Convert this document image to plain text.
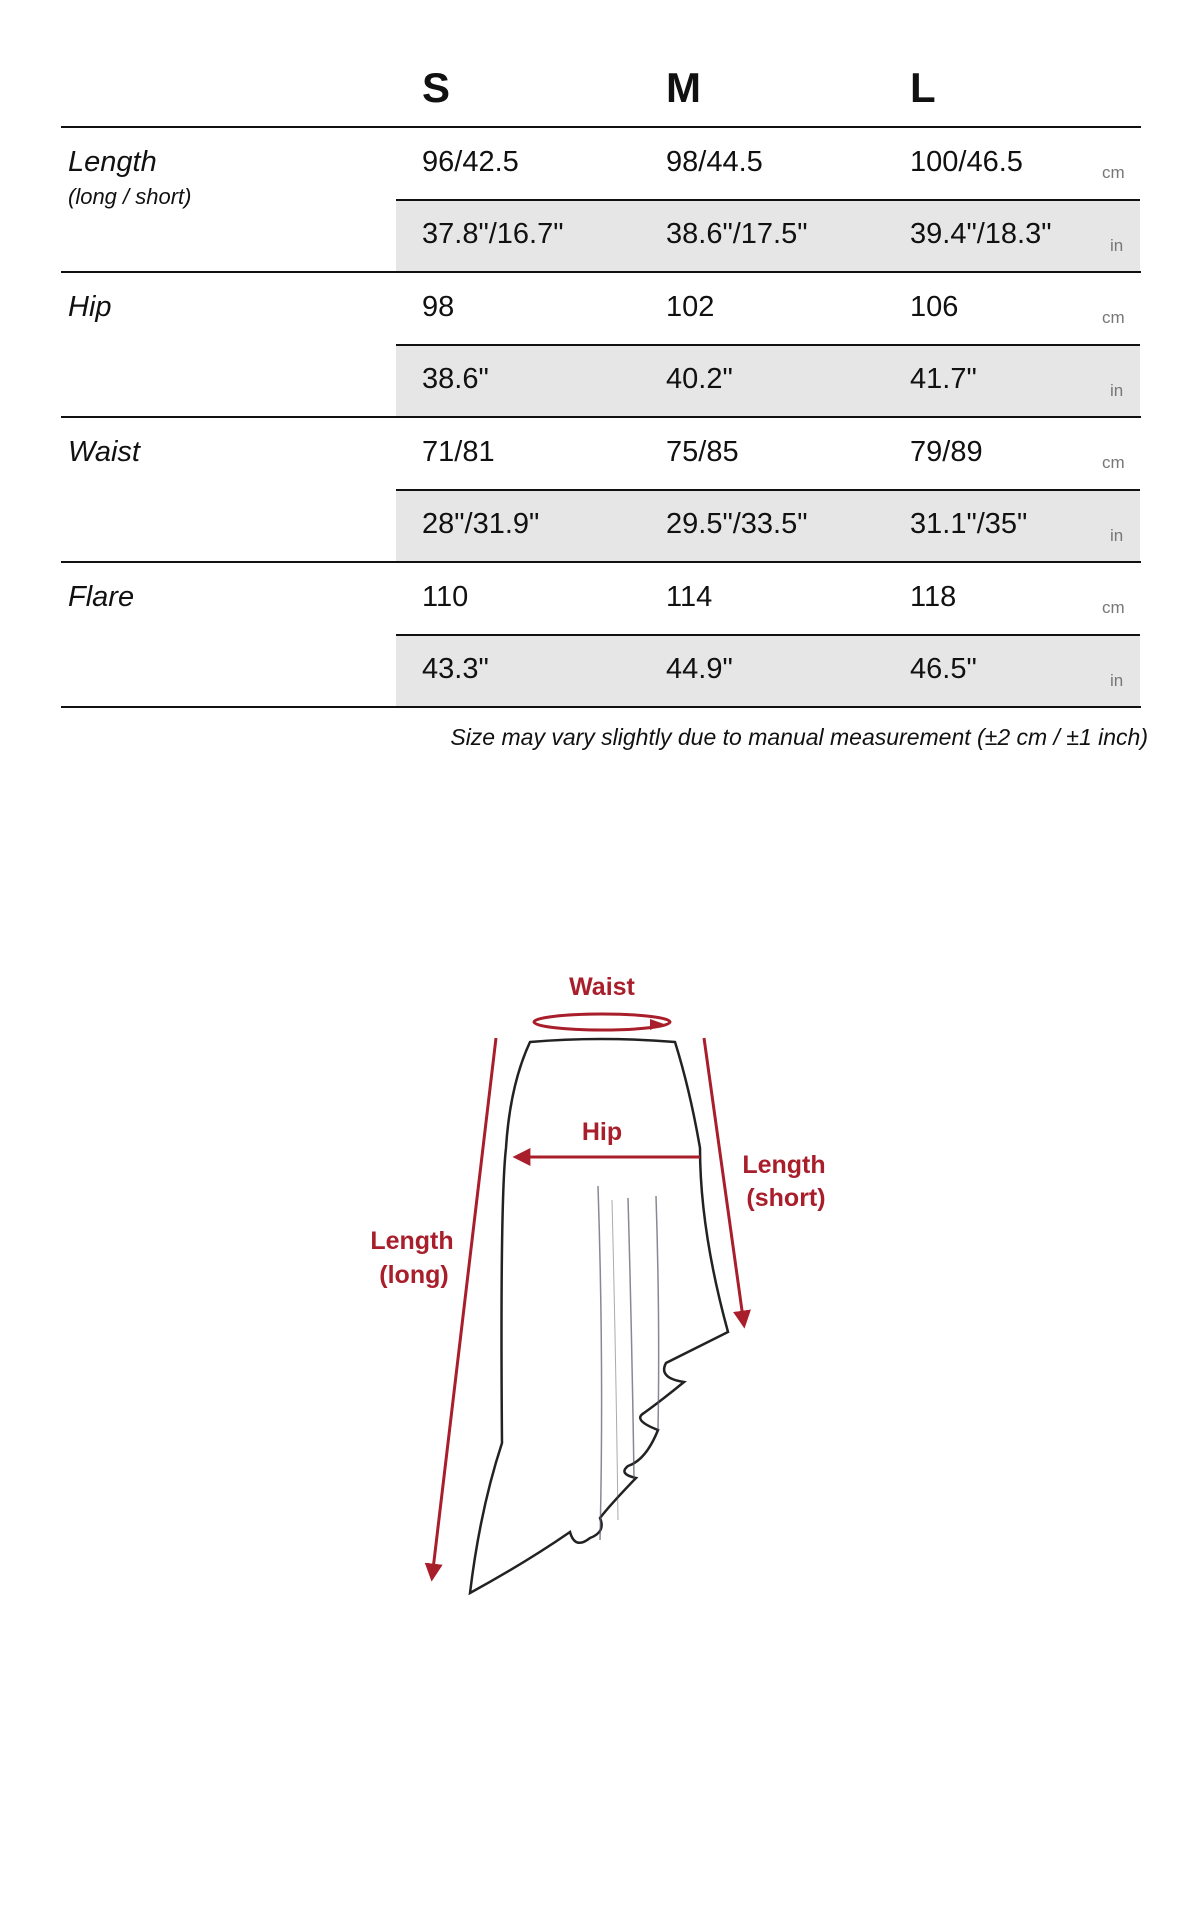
S	M	L
Length
(long / short)
96/42.5	98/44.5	100/46.5	cm
37.8"/16.7"	38.6"/17.5"	39.4"/18.3"	in
Hip	98	102	106	cm
38.6"	40.2"	41.7"	in
Waist	71/81	75/85	79/89	cm
28"/31.9"	29.5"/33.5"	31.1"/35"	in
Flare	110	114	118	cm
43.3"	44.9"	46.5"	in
Size may vary slightly due to manual measurement (±2 cm / ±1 inch)
Waist
Hip
Length
(short)
Length
(long)
